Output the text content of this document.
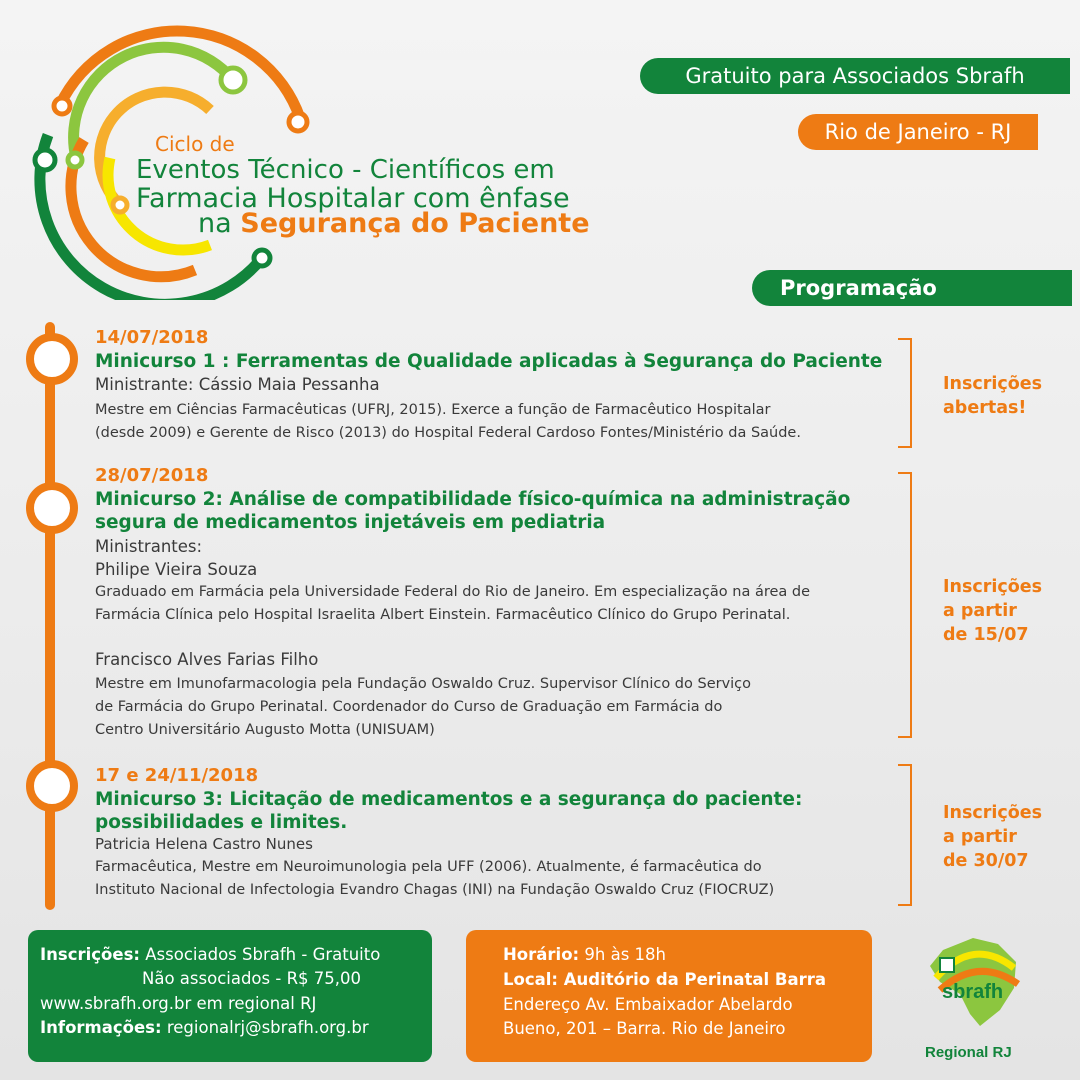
Ciclo de
Eventos Técnico - Científicos em
Farmacia Hospitalar com ênfase
na Segurança do Paciente
Gratuito para Associados Sbrafh
Rio de Janeiro - RJ
Programação
14/07/2018
Minicurso 1 : Ferramentas de Qualidade aplicadas à Segurança do Paciente
Ministrante: Cássio Maia Pessanha
Mestre em Ciências Farmacêuticas (UFRJ, 2015). Exerce a função de Farmacêutico Hospitalar
(desde 2009) e Gerente de Risco (2013) do Hospital Federal Cardoso Fontes/Ministério da Saúde.
Inscrições
abertas!
28/07/2018
Minicurso 2: Análise de compatibilidade físico-química na administração
segura de medicamentos injetáveis em pediatria
Ministrantes:
Philipe Vieira Souza
Graduado em Farmácia pela Universidade Federal do Rio de Janeiro. Em especialização na área de
Farmácia Clínica pelo Hospital Israelita Albert Einstein. Farmacêutico Clínico do Grupo Perinatal.
Francisco Alves Farias Filho
Mestre em Imunofarmacologia pela Fundação Oswaldo Cruz. Supervisor Clínico do Serviço
de Farmácia do Grupo Perinatal. Coordenador do Curso de Graduação em Farmácia do
Centro Universitário Augusto Motta (UNISUAM)
Inscrições
a partir
de 15/07
17 e 24/11/2018
Minicurso 3: Licitação de medicamentos e a segurança do paciente:
possibilidades e limites.
Patricia Helena Castro Nunes
Farmacêutica, Mestre em Neuroimunologia pela UFF (2006). Atualmente, é farmacêutica do
Instituto Nacional de Infectologia Evandro Chagas (INI) na Fundação Oswaldo Cruz (FIOCRUZ)
Inscrições
a partir
de 30/07
Inscrições: Associados Sbrafh - Gratuito
Não associados - R$ 75,00
www.sbrafh.org.br em regional RJ
Informações: regionalrj@sbrafh.org.br
Horário: 9h às 18h
Local: Auditório da Perinatal Barra
Endereço Av. Embaixador Abelardo
Bueno, 201 – Barra. Rio de Janeiro
sbrafh
Regional RJ
